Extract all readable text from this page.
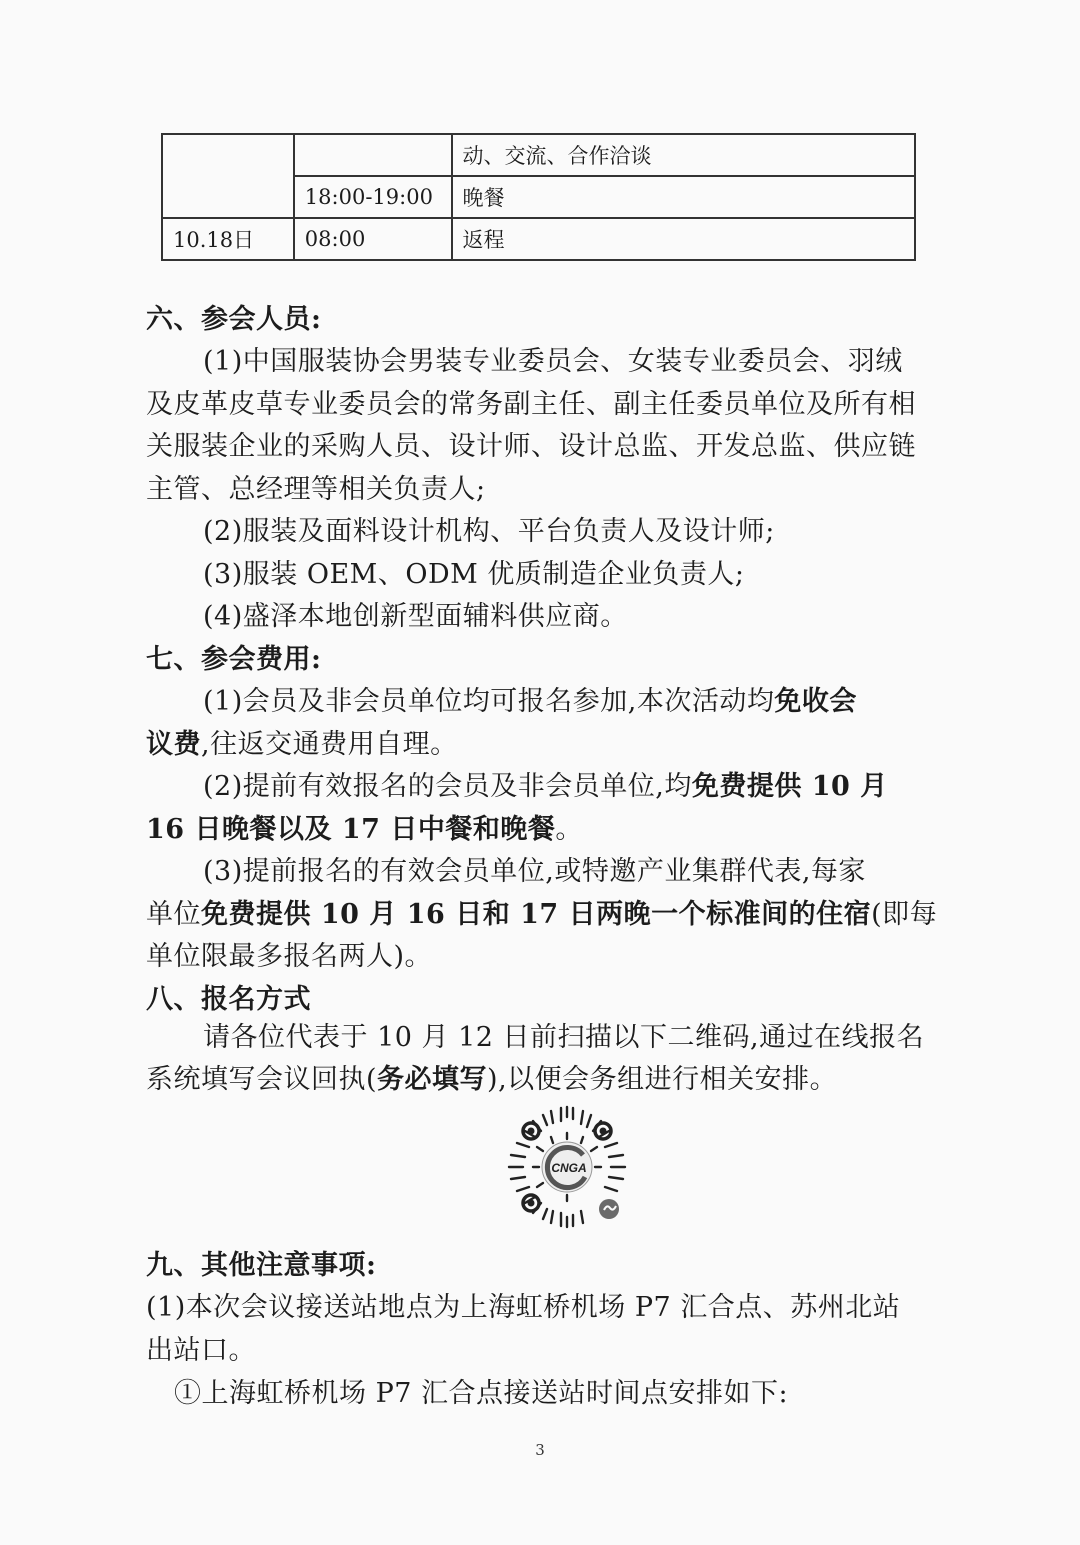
		动、交流、合作洽谈
	18:00-19:00	晚餐
10.18日	08:00	返程
六、参会人员:
(1)中国服装协会男装专业委员会、女装专业委员会、羽绒
及皮革皮草专业委员会的常务副主任、副主任委员单位及所有相
关服装企业的采购人员、设计师、设计总监、开发总监、供应链
主管、总经理等相关负责人;
(2)服装及面料设计机构、平台负责人及设计师;
(3)服装 OEM、ODM 优质制造企业负责人;
(4)盛泽本地创新型面辅料供应商。
七、参会费用:
(1)会员及非会员单位均可报名参加,本次活动均免收会
议费,往返交通费用自理。
(2)提前有效报名的会员及非会员单位,均免费提供 10 月
16 日晚餐以及 17 日中餐和晚餐。
(3)提前报名的有效会员单位,或特邀产业集群代表,每家
单位免费提供 10 月 16 日和 17 日两晚一个标准间的住宿(即每
单位限最多报名两人)。
八、报名方式
请各位代表于 10 月 12 日前扫描以下二维码,通过在线报名
系统填写会议回执(务必填写),以便会务组进行相关安排。
CNGA
九、其他注意事项:
(1)本次会议接送站地点为上海虹桥机场 P7 汇合点、苏州北站
出站口。
①上海虹桥机场 P7 汇合点接送站时间点安排如下:
3
